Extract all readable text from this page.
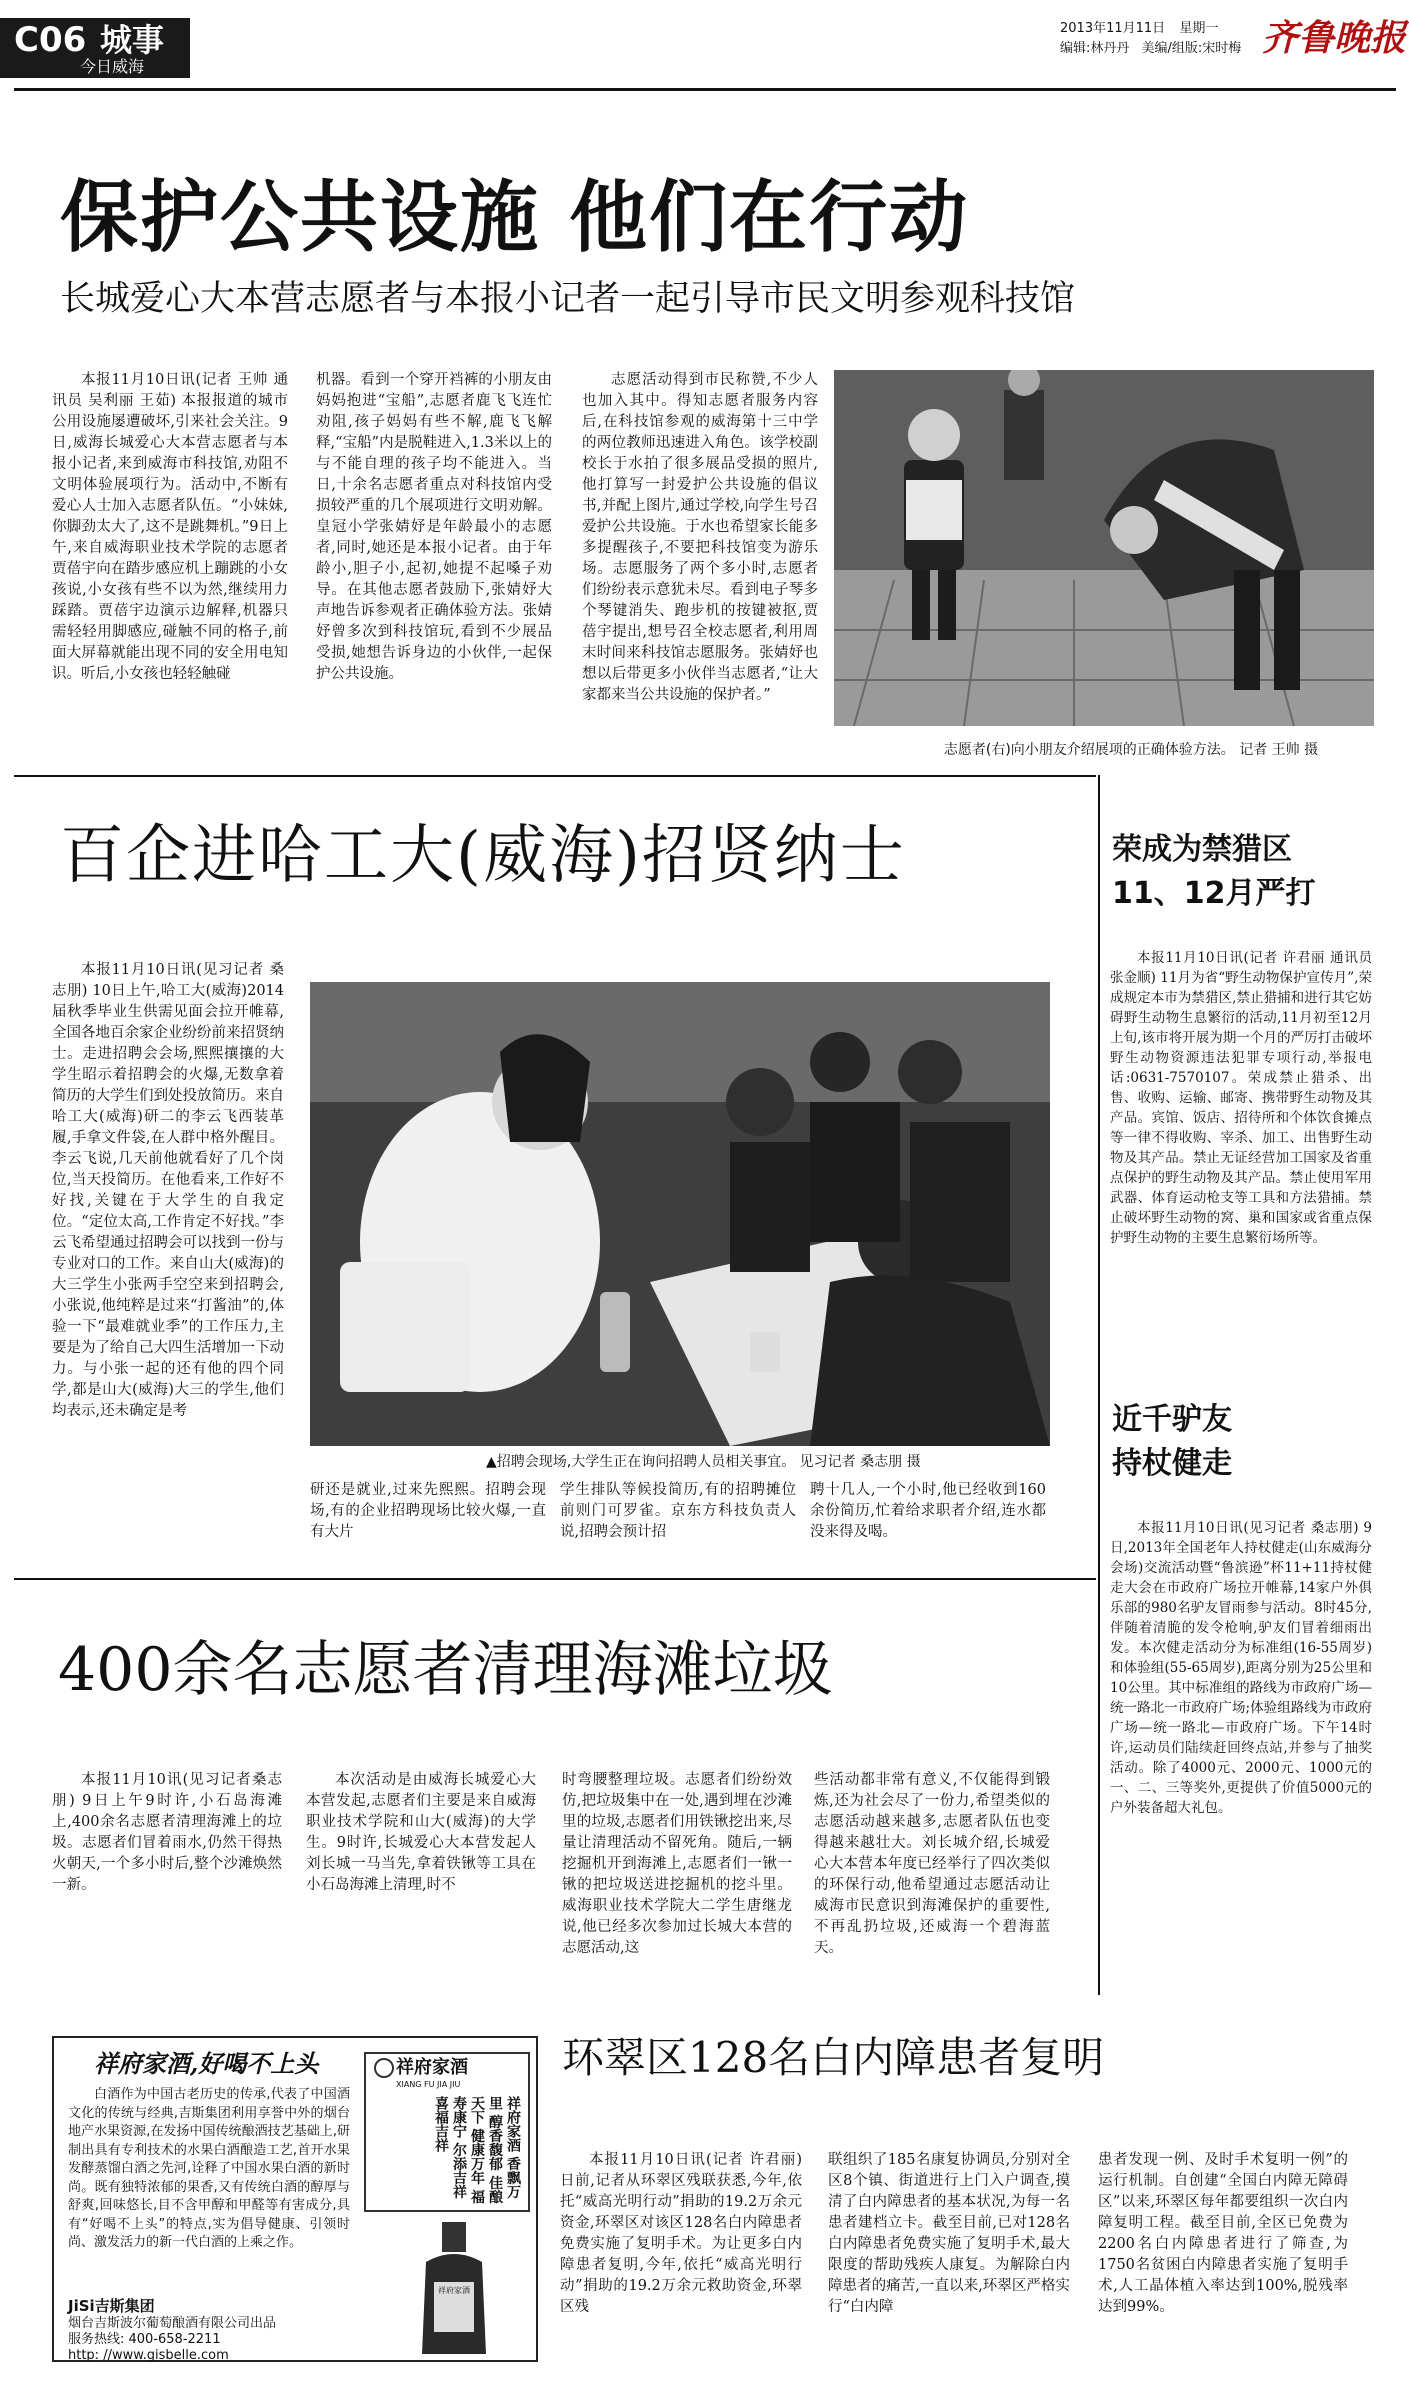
C06 城事
今日威海
2013年11月11日 星期一
编辑:林丹丹 美编/组版:宋时梅 齐鲁晚报
保护公共设施 他们在行动
长城爱心大本营志愿者与本报小记者一起引导市民文明参观科技馆
本报11月10日讯(记者 王帅 通讯员 吴利丽 王茹) 本报报道的城市公用设施屡遭破坏,引来社会关注。9日,威海长城爱心大本营志愿者与本报小记者,来到威海市科技馆,劝阻不文明体验展项行为。活动中,不断有爱心人士加入志愿者队伍。“小妹妹,你脚劲太大了,这不是跳舞机。”9日上午,来自威海职业技术学院的志愿者贾蓓宇向在踏步感应机上蹦跳的小女孩说,小女孩有些不以为然,继续用力踩踏。贾蓓宇边演示边解释,机器只需轻轻用脚感应,碰触不同的格子,前面大屏幕就能出现不同的安全用电知识。听后,小女孩也轻轻触碰
机器。看到一个穿开裆裤的小朋友由妈妈抱进“宝船”,志愿者鹿飞飞连忙劝阻,孩子妈妈有些不解,鹿飞飞解释,“宝船”内是脱鞋进入,1.3米以上的与不能自理的孩子均不能进入。当日,十余名志愿者重点对科技馆内受损较严重的几个展项进行文明劝解。皇冠小学张婧妤是年龄最小的志愿者,同时,她还是本报小记者。由于年龄小,胆子小,起初,她提不起嗓子劝导。在其他志愿者鼓励下,张婧妤大声地告诉参观者正确体验方法。张婧妤曾多次到科技馆玩,看到不少展品受损,她想告诉身边的小伙伴,一起保护公共设施。
志愿活动得到市民称赞,不少人也加入其中。得知志愿者服务内容后,在科技馆参观的威海第十三中学的两位教师迅速进入角色。该学校副校长于水拍了很多展品受损的照片,他打算写一封爱护公共设施的倡议书,并配上图片,通过学校,向学生号召爱护公共设施。于水也希望家长能多多提醒孩子,不要把科技馆变为游乐场。志愿服务了两个多小时,志愿者们纷纷表示意犹未尽。看到电子琴多个琴键消失、跑步机的按键被抠,贾蓓宇提出,想号召全校志愿者,利用周末时间来科技馆志愿服务。张婧妤也想以后带更多小伙伴当志愿者,“让大家都来当公共设施的保护者。”
志愿者(右)向小朋友介绍展项的正确体验方法。 记者 王帅 摄
百企进哈工大(威海)招贤纳士
本报11月10日讯(见习记者 桑志朋) 10日上午,哈工大(威海)2014届秋季毕业生供需见面会拉开帷幕,全国各地百余家企业纷纷前来招贤纳士。走进招聘会会场,熙熙攘攘的大学生昭示着招聘会的火爆,无数拿着简历的大学生们到处投放简历。来自哈工大(威海)研二的李云飞西装革履,手拿文件袋,在人群中格外醒目。李云飞说,几天前他就看好了几个岗位,当天投简历。在他看来,工作好不好找,关键在于大学生的自我定位。“定位太高,工作肯定不好找。”李云飞希望通过招聘会可以找到一份与专业对口的工作。来自山大(威海)的大三学生小张两手空空来到招聘会,小张说,他纯粹是过来“打酱油”的,体验一下“最难就业季”的工作压力,主要是为了给自己大四生活增加一下动力。与小张一起的还有他的四个同学,都是山大(威海)大三的学生,他们均表示,还未确定是考
▲招聘会现场,大学生正在询问招聘人员相关事宜。 见习记者 桑志朋 摄
研还是就业,过来先熙熙。招聘会现场,有的企业招聘现场比较火爆,一直有大片
学生排队等候投简历,有的招聘摊位前则门可罗雀。京东方科技负责人说,招聘会预计招
聘十几人,一个小时,他已经收到160余份简历,忙着给求职者介绍,连水都没来得及喝。
400余名志愿者清理海滩垃圾
本报11月10讯(见习记者桑志朋) 9日上午9时许,小石岛海滩上,400余名志愿者清理海滩上的垃圾。志愿者们冒着雨水,仍然干得热火朝天,一个多小时后,整个沙滩焕然一新。
本次活动是由威海长城爱心大本营发起,志愿者们主要是来自威海职业技术学院和山大(威海)的大学生。9时许,长城爱心大本营发起人刘长城一马当先,拿着铁锹等工具在小石岛海滩上清理,时不
时弯腰整理垃圾。志愿者们纷纷效仿,把垃圾集中在一处,遇到埋在沙滩里的垃圾,志愿者们用铁锹挖出来,尽量让清理活动不留死角。随后,一辆挖掘机开到海滩上,志愿者们一锹一锹的把垃圾送进挖掘机的挖斗里。威海职业技术学院大二学生唐继龙说,他已经多次参加过长城大本营的志愿活动,这
些活动都非常有意义,不仅能得到锻炼,还为社会尽了一份力,希望类似的志愿活动越来越多,志愿者队伍也变得越来越壮大。刘长城介绍,长城爱心大本营本年度已经举行了四次类似的环保行动,他希望通过志愿活动让威海市民意识到海滩保护的重要性,不再乱扔垃圾,还威海一个碧海蓝天。
祥府家酒,好喝不上头
白酒作为中国古老历史的传承,代表了中国酒文化的传统与经典,吉斯集团利用享誉中外的烟台地产水果资源,在发扬中国传统酿酒技艺基础上,研制出具有专利技术的水果白酒酿造工艺,首开水果发酵蒸馏白酒之先河,诠释了中国水果白酒的新时尚。既有独特浓郁的果香,又有传统白酒的醇厚与舒爽,回味悠长,目不含甲醇和甲醛等有害成分,具有“好喝不上头”的特点,实为倡导健康、引领时尚、激发活力的新一代白酒的上乘之作。
祥府家酒
XIANG FU JIA JIU
祥府家酒 香飘万里 醇香馥郁 佳酿天下 健康万年 福寿康宁 尔添吉祥 喜福吉祥
祥府家酒
JiSi吉斯集团
烟台吉斯波尔葡萄酿酒有限公司出品
服务热线: 400-658-2211
http: //www.gisbelle.com
环翠区128名白内障患者复明
本报11月10日讯(记者 许君丽) 日前,记者从环翠区残联获悉,今年,依托“威高光明行动”捐助的19.2万余元资金,环翠区对该区128名白内障患者免费实施了复明手术。为让更多白内障患者复明,今年,依托“威高光明行动”捐助的19.2万余元救助资金,环翠区残
联组织了185名康复协调员,分别对全区8个镇、街道进行上门入户调查,摸清了白内障患者的基本状况,为每一名患者建档立卡。截至目前,已对128名白内障患者免费实施了复明手术,最大限度的帮助残疾人康复。为解除白内障患者的痛苦,一直以来,环翠区严格实行“白内障
患者发现一例、及时手术复明一例”的运行机制。自创建“全国白内障无障碍区”以来,环翠区每年都要组织一次白内障复明工程。截至目前,全区已免费为2200名白内障患者进行了筛查,为1750名贫困白内障患者实施了复明手术,人工晶体植入率达到100%,脱残率达到99%。
荣成为禁猎区
11、12月严打
本报11月10日讯(记者 许君丽 通讯员 张金顺) 11月为省“野生动物保护宣传月”,荣成规定本市为禁猎区,禁止猎捕和进行其它妨碍野生动物生息繁衍的活动,11月初至12月上旬,该市将开展为期一个月的严厉打击破坏野生动物资源违法犯罪专项行动,举报电话:0631-7570107。荣成禁止猎杀、出售、收购、运输、邮寄、携带野生动物及其产品。宾馆、饭店、招待所和个体饮食摊点等一律不得收购、宰杀、加工、出售野生动物及其产品。禁止无证经营加工国家及省重点保护的野生动物及其产品。禁止使用军用武器、体育运动枪支等工具和方法猎捕。禁止破坏野生动物的窝、巢和国家或省重点保护野生动物的主要生息繁衍场所等。
近千驴友
持杖健走
本报11月10日讯(见习记者 桑志朋) 9日,2013年全国老年人持杖健走(山东威海分会场)交流活动暨“鲁滨逊”杯11+11持杖健走大会在市政府广场拉开帷幕,14家户外俱乐部的980名驴友冒雨参与活动。8时45分,伴随着清脆的发令枪响,驴友们冒着细雨出发。本次健走活动分为标准组(16-55周岁)和体验组(55-65周岁),距离分别为25公里和10公里。其中标准组的路线为市政府广场—统一路北一市政府广场;体验组路线为市政府广场—统一路北—市政府广场。下午14时许,运动员们陆续赶回终点站,并参与了抽奖活动。除了4000元、2000元、1000元的一、二、三等奖外,更提供了价值5000元的户外装备超大礼包。
